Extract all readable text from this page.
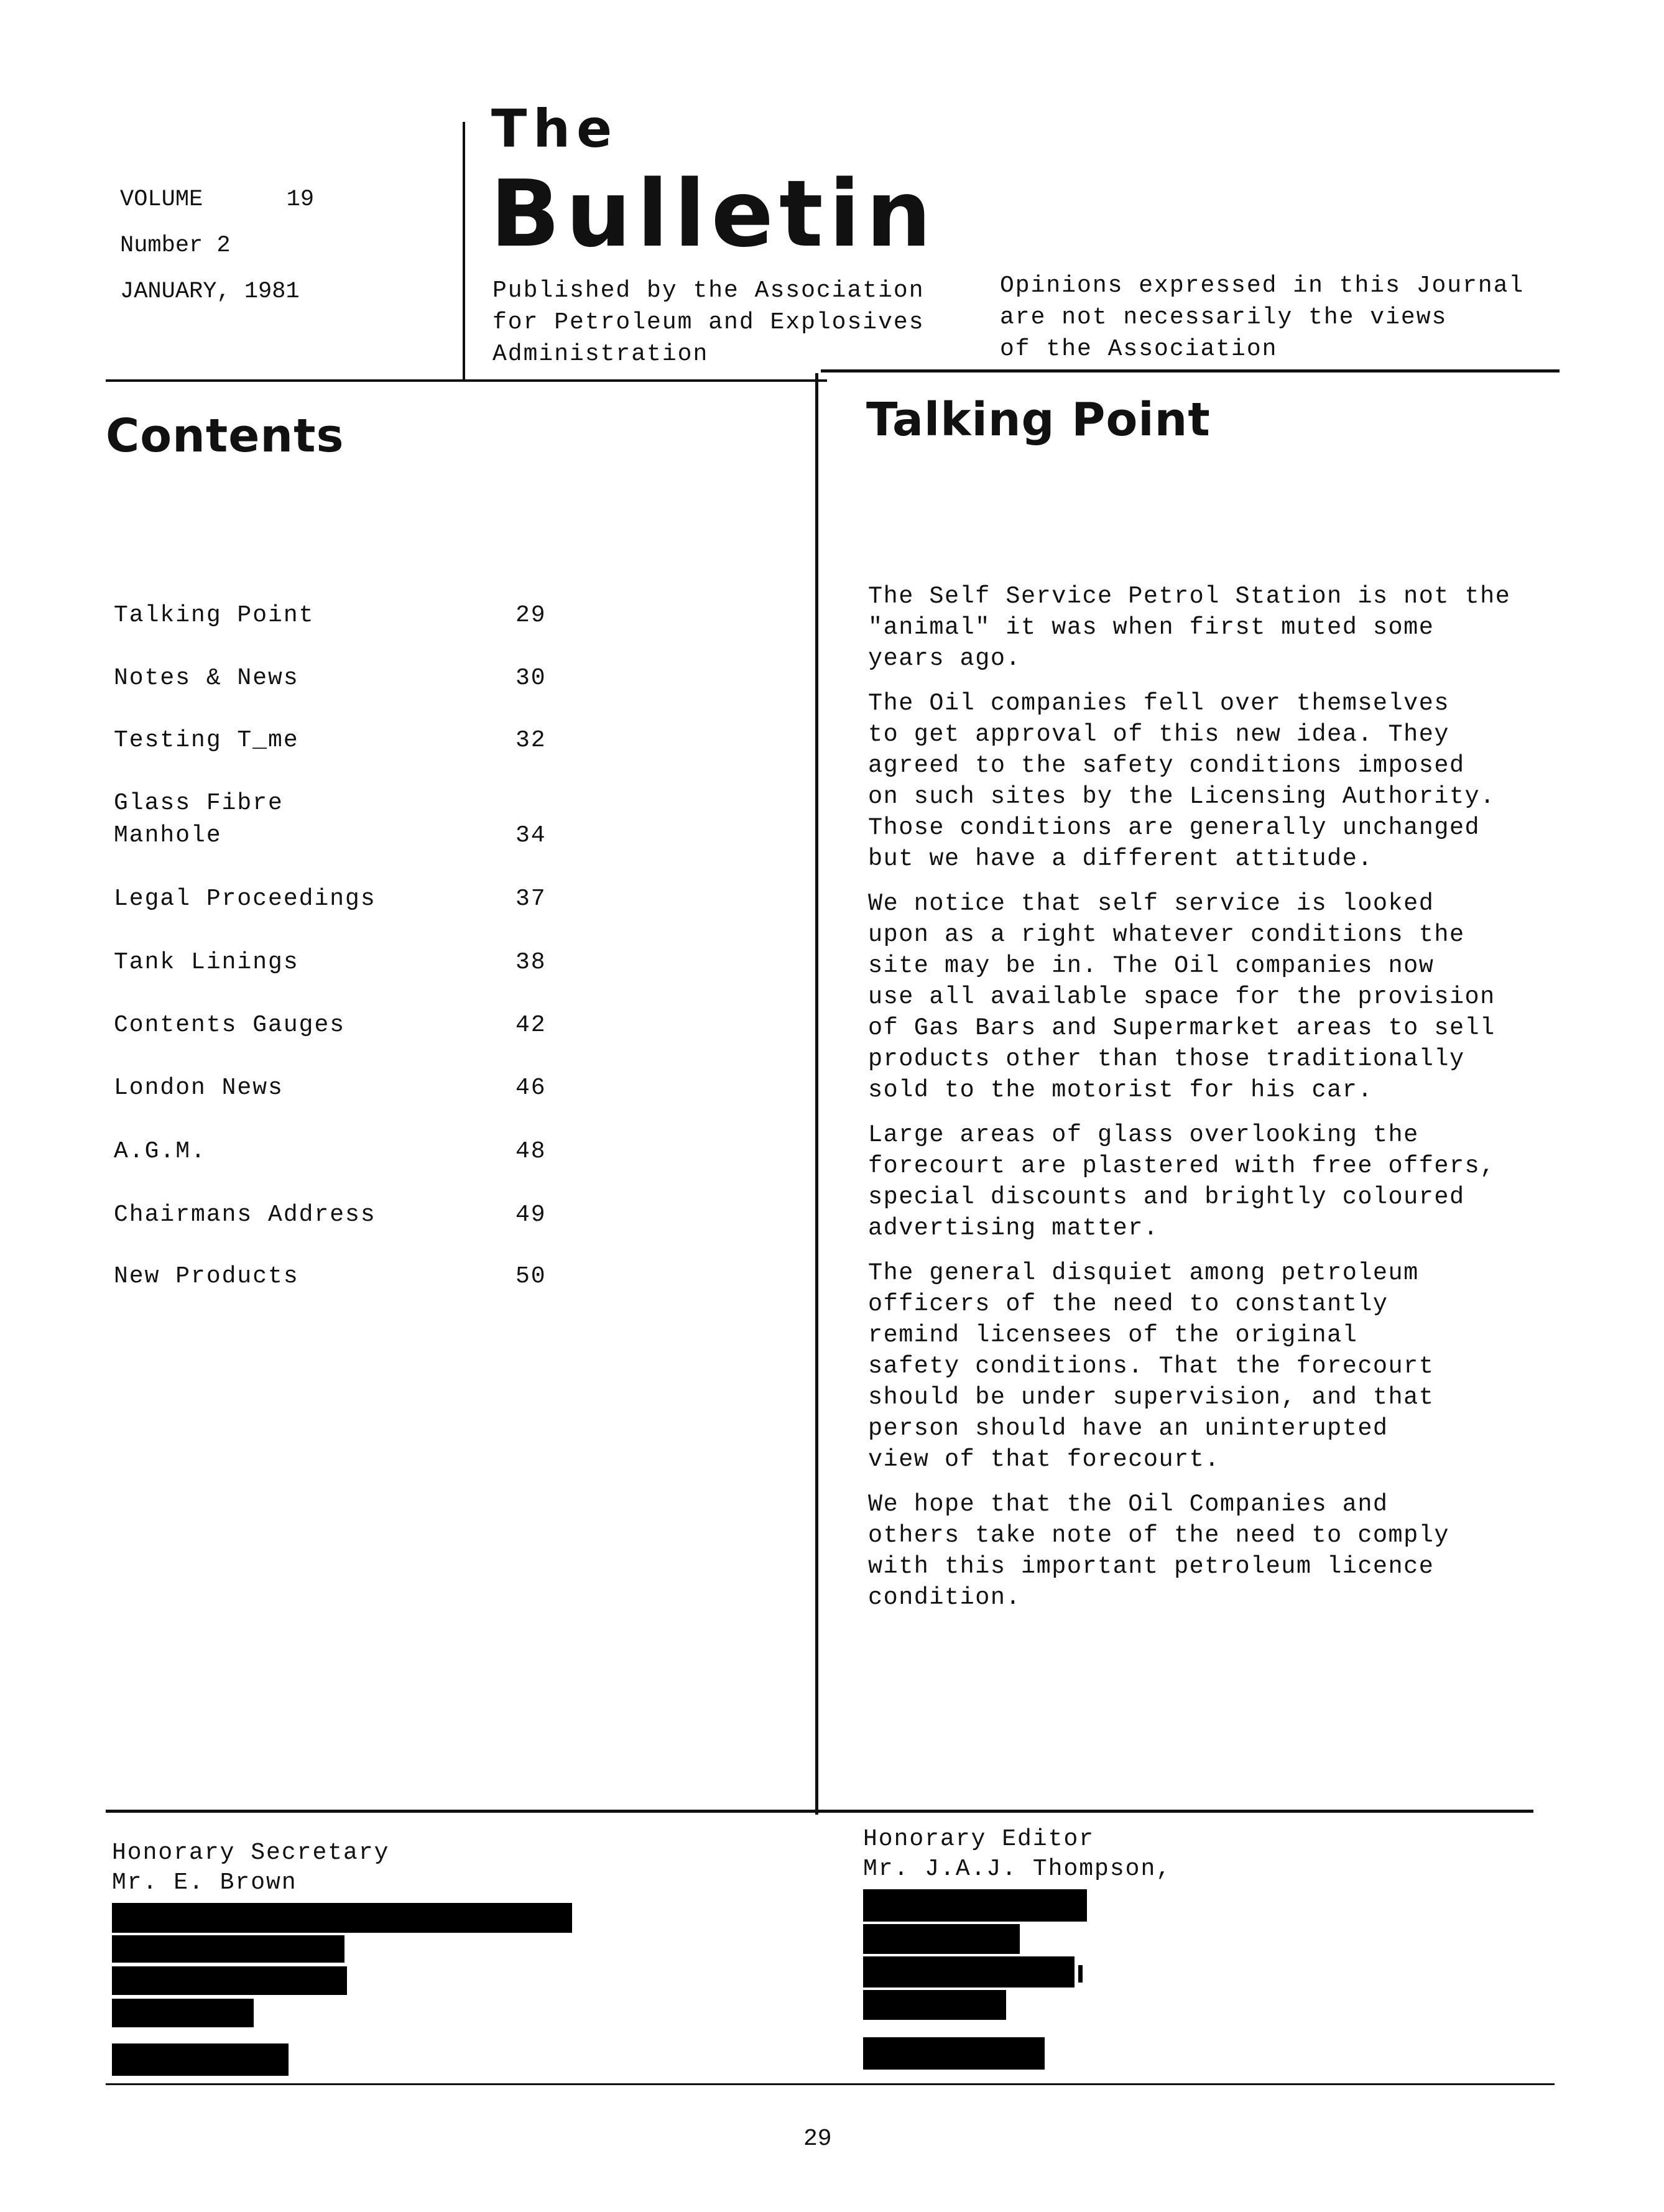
VOLUME	19
Number 2
JANUARY, 1981
The
Bulletin
Published by the Association
for Petroleum and Explosives
Administration
Opinions expressed in this Journal
are not necessarily the views
of the Association
Contents
Talking Point	29
Notes & News	30
Testing T_me	32
Glass Fibre
Manhole	34
Legal Proceedings	37
Tank Linings	38
Contents Gauges	42
London News	46
A.G.M.	48
Chairmans Address	49
New Products	50
Talking Point

The Self Service Petrol Station is not the
"animal" it was when first muted some
years ago.

The Oil companies fell over themselves
to get approval of this new idea. They
agreed to the safety conditions imposed
on such sites by the Licensing Authority.
Those conditions are generally unchanged
but we have a different attitude.

We notice that self service is looked
upon as a right whatever conditions the
site may be in. The Oil companies now
use all available space for the provision
of Gas Bars and Supermarket areas to sell
products other than those traditionally
sold to the motorist for his car.

Large areas of glass overlooking the
forecourt are plastered with free offers,
special discounts and brightly coloured
advertising matter.

The general disquiet among petroleum
officers of the need to constantly
remind licensees of the original
safety conditions. That the forecourt
should be under supervision, and that
person should have an uninterupted
view of that forecourt.

We hope that the Oil Companies and
others take note of the need to comply
with this important petroleum licence
condition.

Honorary Secretary
Mr. E. Brown
Honorary Editor
Mr. J.A.J. Thompson,
29
